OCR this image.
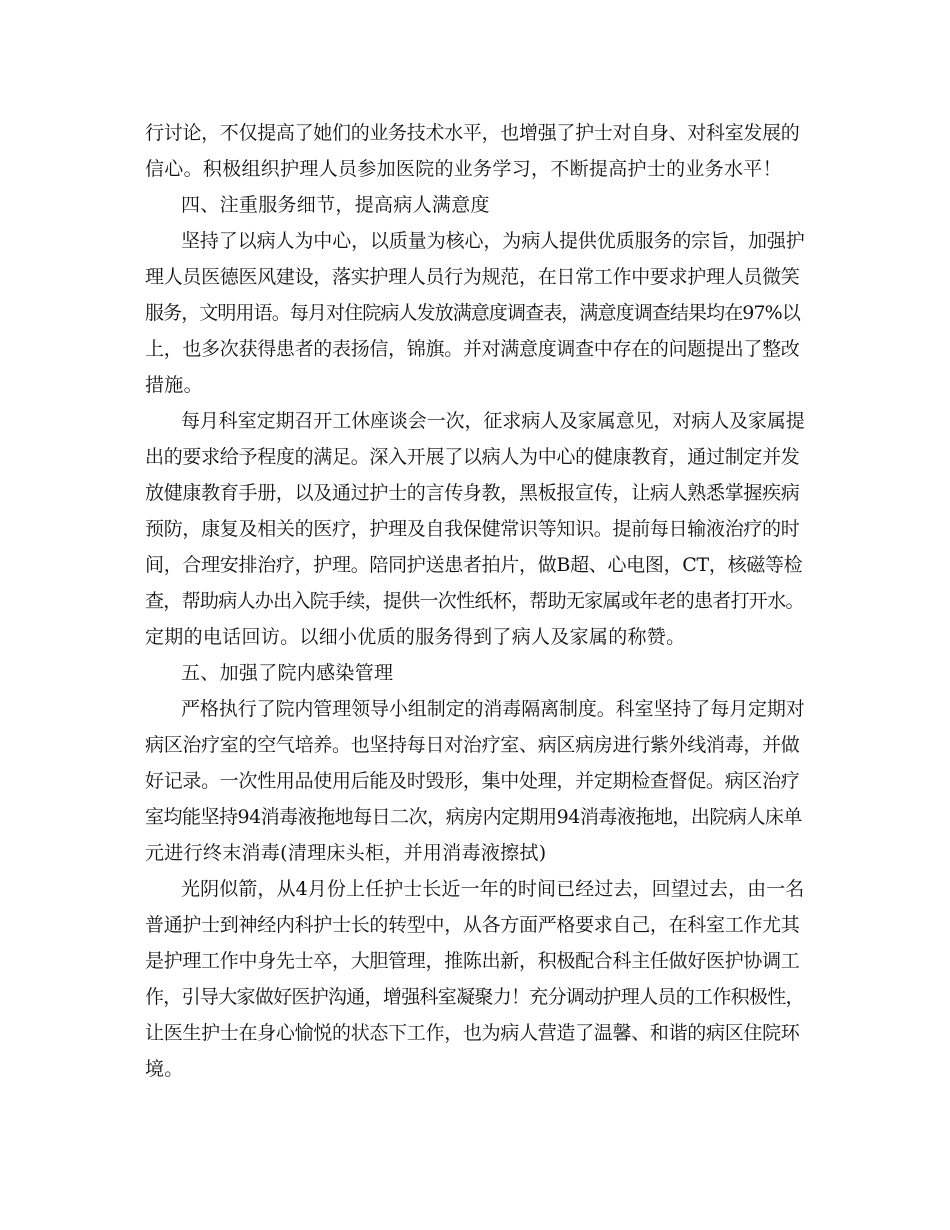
行讨论，不仅提高了她们的业务技术水平，也增强了护士对自身、对科室发展的
信心。积极组织护理人员参加医院的业务学习，不断提高护士的业务水平！
四、注重服务细节，提高病人满意度
坚持了以病人为中心，以质量为核心，为病人提供优质服务的宗旨，加强护
理人员医德医风建设，落实护理人员行为规范，在日常工作中要求护理人员微笑
服务，文明用语。每月对住院病人发放满意度调查表，满意度调查结果均在97%以
上，也多次获得患者的表扬信，锦旗。并对满意度调查中存在的问题提出了整改
措施。
每月科室定期召开工休座谈会一次，征求病人及家属意见，对病人及家属提
出的要求给予程度的满足。深入开展了以病人为中心的健康教育，通过制定并发
放健康教育手册，以及通过护士的言传身教，黑板报宣传，让病人熟悉掌握疾病
预防，康复及相关的医疗，护理及自我保健常识等知识。提前每日输液治疗的时
间，合理安排治疗，护理。陪同护送患者拍片，做B超、心电图，CT，核磁等检
查，帮助病人办出入院手续，提供一次性纸杯，帮助无家属或年老的患者打开水。
定期的电话回访。以细小优质的服务得到了病人及家属的称赞。
五、加强了院内感染管理
严格执行了院内管理领导小组制定的消毒隔离制度。科室坚持了每月定期对
病区治疗室的空气培养。也坚持每日对治疗室、病区病房进行紫外线消毒，并做
好记录。一次性用品使用后能及时毁形，集中处理，并定期检查督促。病区治疗
室均能坚持94消毒液拖地每日二次，病房内定期用94消毒液拖地，出院病人床单
元进行终末消毒(清理床头柜，并用消毒液擦拭)
光阴似箭，从4月份上任护士长近一年的时间已经过去，回望过去，由一名
普通护士到神经内科护士长的转型中，从各方面严格要求自己，在科室工作尤其
是护理工作中身先士卒，大胆管理，推陈出新，积极配合科主任做好医护协调工
作，引导大家做好医护沟通，增强科室凝聚力！充分调动护理人员的工作积极性，
让医生护士在身心愉悦的状态下工作，也为病人营造了温馨、和谐的病区住院环
境。
